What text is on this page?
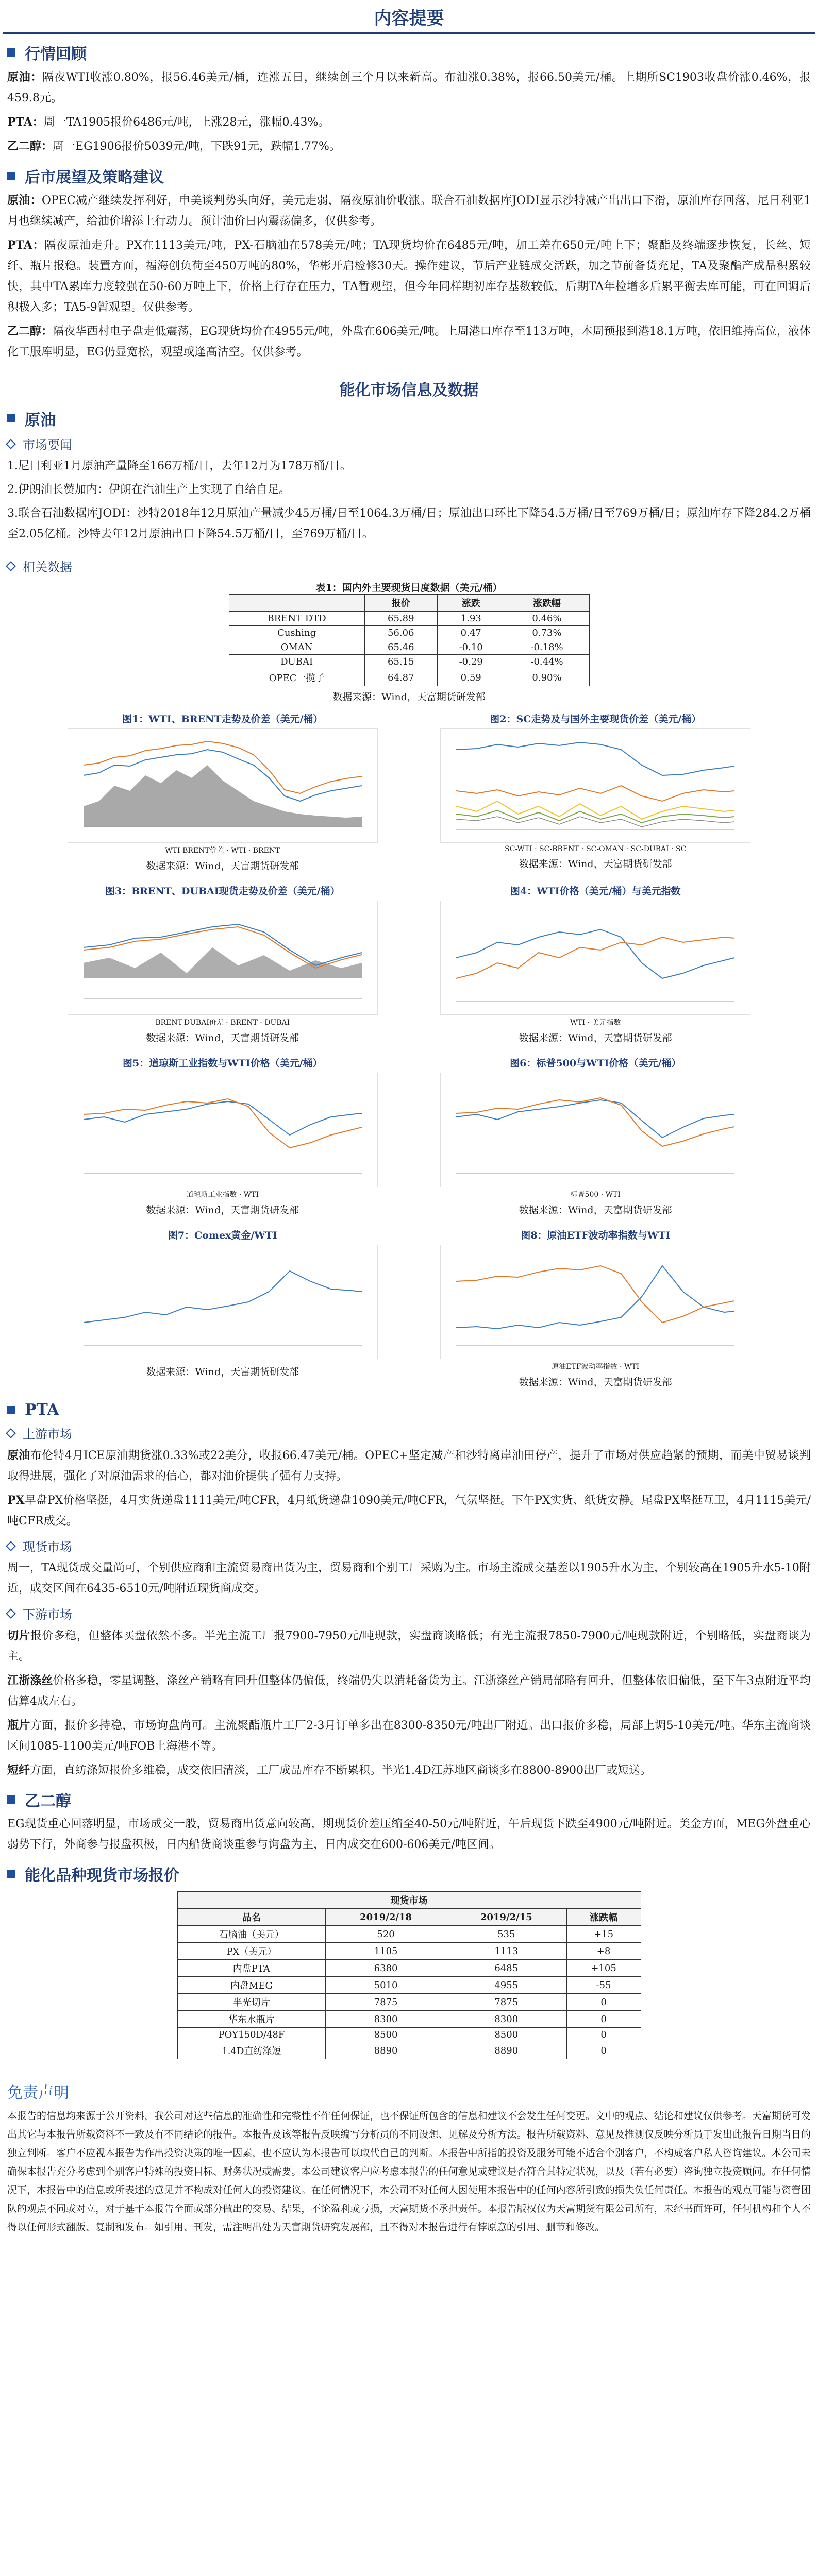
内容提要
行情回顾

原油：隔夜WTI收涨0.80%，报56.46美元/桶，连涨五日，继续创三个月以来新高。布油涨0.38%，报66.50美元/桶。上期所SC1903收盘价涨0.46%，报459.8元。

PTA：周一TA1905报价6486元/吨，上涨28元，涨幅0.43%。

乙二醇：周一EG1906报价5039元/吨，下跌91元，跌幅1.77%。

后市展望及策略建议

原油：OPEC减产继续发挥利好，申美谈判势头向好，美元走弱，隔夜原油价收涨。联合石油数据库JODI显示沙特减产出出口下滑，原油库存回落，尼日利亚1月也继续减产，给油价增添上行动力。预计油价日内震荡偏多，仅供参考。

PTA：隔夜原油走升。PX在1113美元/吨，PX-石脑油在578美元/吨；TA现货均价在6485元/吨，加工差在650元/吨上下；聚酯及终端逐步恢复，长丝、短纤、瓶片报稳。装置方面，福海创负荷至450万吨的80%，华彬开启检修30天。操作建议，节后产业链成交活跃，加之节前备货充足，TA及聚酯产成品积累较快，其中TA累库力度较强在50-60万吨上下，价格上行存在压力，TA暂观望，但今年同样期初库存基数较低，后期TA年检增多后累平衡去库可能，可在回调后积极入多；TA5-9暂观望。仅供参考。

乙二醇：隔夜华西村电子盘走低震荡，EG现货均价在4955元/吨，外盘在606美元/吨。上周港口库存至113万吨，本周预报到港18.1万吨，依旧维持高位，液体化工服库明显，EG仍显宽松，观望或逢高沽空。仅供参考。

能化市场信息及数据
原油
市场要闻

1.尼日利亚1月原油产量降至166万桶/日，去年12月为178万桶/日。

2.伊朗油长赞加内：伊朗在汽油生产上实现了自给自足。

3.联合石油数据库JODI：沙特2018年12月原油产量减少45万桶/日至1064.3万桶/日；原油出口环比下降54.5万桶/日至769万桶/日；原油库存下降284.2万桶至2.05亿桶。沙特去年12月原油出口下降54.5万桶/日，至769万桶/日。

相关数据
表1：国内外主要现货日度数据（美元/桶）
	报价	涨跌	涨跌幅
BRENT DTD	65.89	1.93	0.46%
Cushing	56.06	0.47	0.73%
OMAN	65.46	-0.10	-0.18%
DUBAI	65.15	-0.29	-0.44%
OPEC一揽子	64.87	0.59	0.90%
数据来源：Wind，天富期货研发部
图1：WTI、BRENT走势及价差（美元/桶）
WTI-BRENT价差 · WTI · BRENT
数据来源：Wind，天富期货研发部
图2：SC走势及与国外主要现货价差（美元/桶）
SC-WTI · SC-BRENT · SC-OMAN · SC-DUBAI · SC
数据来源：Wind，天富期货研发部
图3：BRENT、DUBAI现货走势及价差（美元/桶）
BRENT-DUBAI价差 · BRENT · DUBAI
数据来源：Wind，天富期货研发部
图4：WTI价格（美元/桶）与美元指数
WTI · 美元指数
数据来源：Wind，天富期货研发部
图5：道琼斯工业指数与WTI价格（美元/桶）
道琼斯工业指数 · WTI
数据来源：Wind，天富期货研发部
图6：标普500与WTI价格（美元/桶）
标普500 · WTI
数据来源：Wind，天富期货研发部
图7：Comex黄金/WTI
数据来源：Wind，天富期货研发部
图8：原油ETF波动率指数与WTI
原油ETF波动率指数 · WTI
数据来源：Wind，天富期货研发部
PTA
上游市场

原油布伦特4月ICE原油期货涨0.33%或22美分，收报66.47美元/桶。OPEC+坚定减产和沙特离岸油田停产，提升了市场对供应趋紧的预期，而美中贸易谈判取得进展，强化了对原油需求的信心，都对油价提供了强有力支持。

PX早盘PX价格坚挺，4月实货递盘1111美元/吨CFR，4月纸货递盘1090美元/吨CFR，气氛坚挺。下午PX实货、纸货安静。尾盘PX坚挺互卫，4月1115美元/吨CFR成交。

现货市场

周一，TA现货成交量尚可，个别供应商和主流贸易商出货为主，贸易商和个别工厂采购为主。市场主流成交基差以1905升水为主，个别较高在1905升水5-10附近，成交区间在6435-6510元/吨附近现货商成交。

下游市场

切片报价多稳，但整体买盘依然不多。半光主流工厂报7900-7950元/吨现款，实盘商谈略低；有光主流报7850-7900元/吨现款附近，个别略低，实盘商谈为主。

江浙涤丝价格多稳，零星调整，涤丝产销略有回升但整体仍偏低，终端仍失以消耗备货为主。江浙涤丝产销局部略有回升，但整体依旧偏低，至下午3点附近平均估算4成左右。

瓶片方面，报价多持稳，市场询盘尚可。主流聚酯瓶片工厂2-3月订单多出在8300-8350元/吨出厂附近。出口报价多稳，局部上调5-10美元/吨。华东主流商谈区间1085-1100美元/吨FOB上海港不等。

短纤方面，直纺涤短报价多维稳，成交依旧清淡，工厂成品库存不断累积。半光1.4D江苏地区商谈多在8800-8900出厂或短送。

乙二醇

EG现货重心回落明显，市场成交一般，贸易商出货意向较高，期现货价差压缩至40-50元/吨附近，午后现货下跌至4900元/吨附近。美金方面，MEG外盘重心弱势下行，外商参与报盘积极，日内船货商谈重参与询盘为主，日内成交在600-606美元/吨区间。

能化品种现货市场报价
现货市场			
品名	2019/2/18	2019/2/15	涨跌幅
石脑油（美元）	520	535	+15
PX（美元）	1105	1113	+8
内盘PTA	6380	6485	+105
内盘MEG	5010	4955	-55
半光切片	7875	7875	0
华东水瓶片	8300	8300	0
POY150D/48F	8500	8500	0
1.4D直纺涤短	8890	8890	0
免责声明

本报告的信息均来源于公开资料，我公司对这些信息的准确性和完整性不作任何保证，也不保证所包含的信息和建议不会发生任何变更。文中的观点、结论和建议仅供参考。天富期货可发出其它与本报告所载资料不一致及有不同结论的报告。本报告及该等报告反映编写分析员的不同设想、见解及分析方法。报告所载资料、意见及推测仅反映分析员于发出此报告日期当日的独立判断。客户不应视本报告为作出投资决策的唯一因素，也不应认为本报告可以取代自己的判断。本报告中所指的投资及服务可能不适合个别客户，不构成客户私人咨询建议。本公司未确保本报告充分考虑到个别客户特殊的投资目标、财务状况或需要。本公司建议客户应考虑本报告的任何意见或建议是否符合其特定状况，以及（若有必要）咨询独立投资顾问。在任何情况下，本报告中的信息或所表述的意见并不构成对任何人的投资建议。在任何情况下，本公司不对任何人因使用本报告中的任何内容所引致的损失负任何责任。本报告的观点可能与资管团队的观点不同或对立，对于基于本报告全面或部分做出的交易、结果，不论盈利或亏损，天富期货不承担责任。本报告版权仅为天富期货有限公司所有，未经书面许可，任何机构和个人不得以任何形式翻版、复制和发布。如引用、刊发，需注明出处为天富期货研究发展部，且不得对本报告进行有悖原意的引用、删节和修改。
